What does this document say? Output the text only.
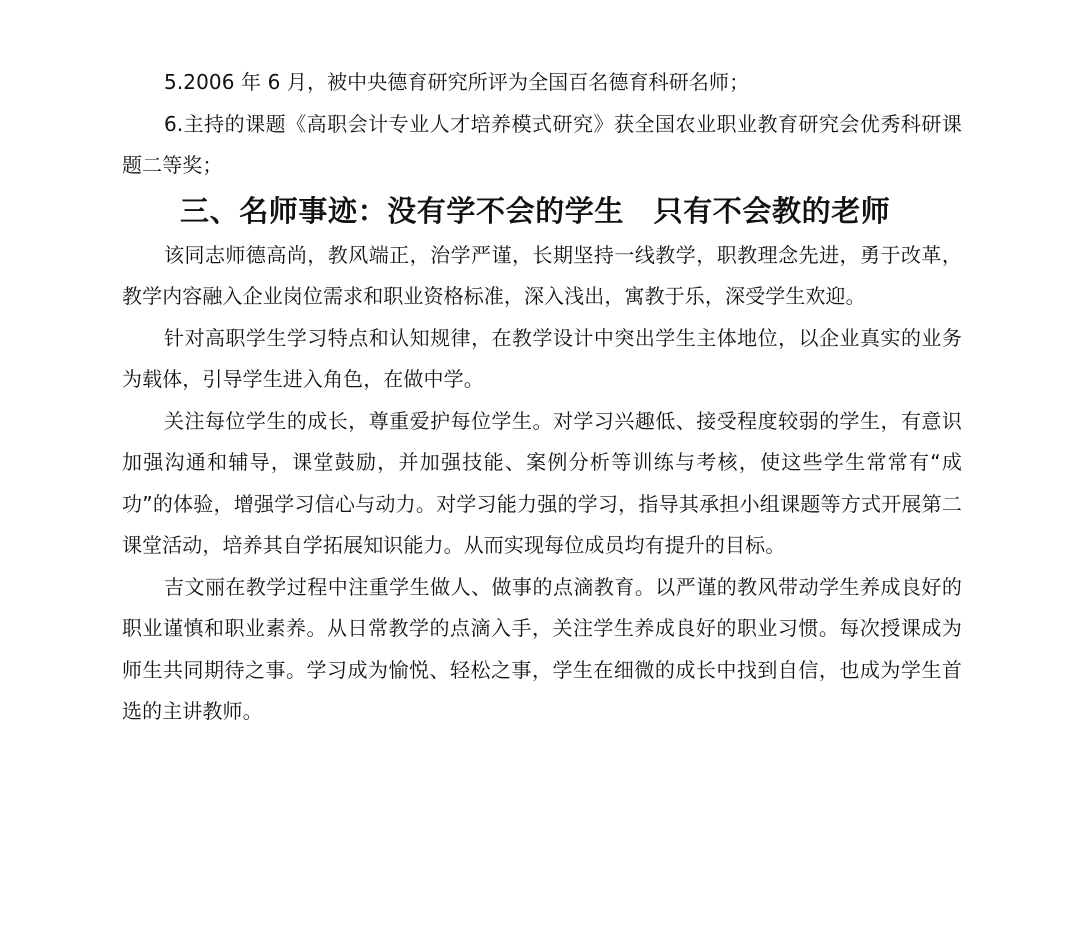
5.2006 年 6 月，被中央德育研究所评为全国百名德育科研名师；

6.主持的课题《高职会计专业人才培养模式研究》获全国农业职业教育研究会优秀科研课题二等奖；

三、名师事迹：没有学不会的学生　只有不会教的老师

该同志师德高尚，教风端正，治学严谨，长期坚持一线教学，职教理念先进，勇于改革，教学内容融入企业岗位需求和职业资格标准，深入浅出，寓教于乐，深受学生欢迎。

针对高职学生学习特点和认知规律，在教学设计中突出学生主体地位，以企业真实的业务为载体，引导学生进入角色，在做中学。

关注每位学生的成长，尊重爱护每位学生。对学习兴趣低、接受程度较弱的学生，有意识加强沟通和辅导，课堂鼓励，并加强技能、案例分析等训练与考核，使这些学生常常有“成功”的体验，增强学习信心与动力。对学习能力强的学习，指导其承担小组课题等方式开展第二课堂活动，培养其自学拓展知识能力。从而实现每位成员均有提升的目标。

吉文丽在教学过程中注重学生做人、做事的点滴教育。以严谨的教风带动学生养成良好的职业谨慎和职业素养。从日常教学的点滴入手，关注学生养成良好的职业习惯。每次授课成为师生共同期待之事。学习成为愉悦、轻松之事，学生在细微的成长中找到自信，也成为学生首选的主讲教师。
